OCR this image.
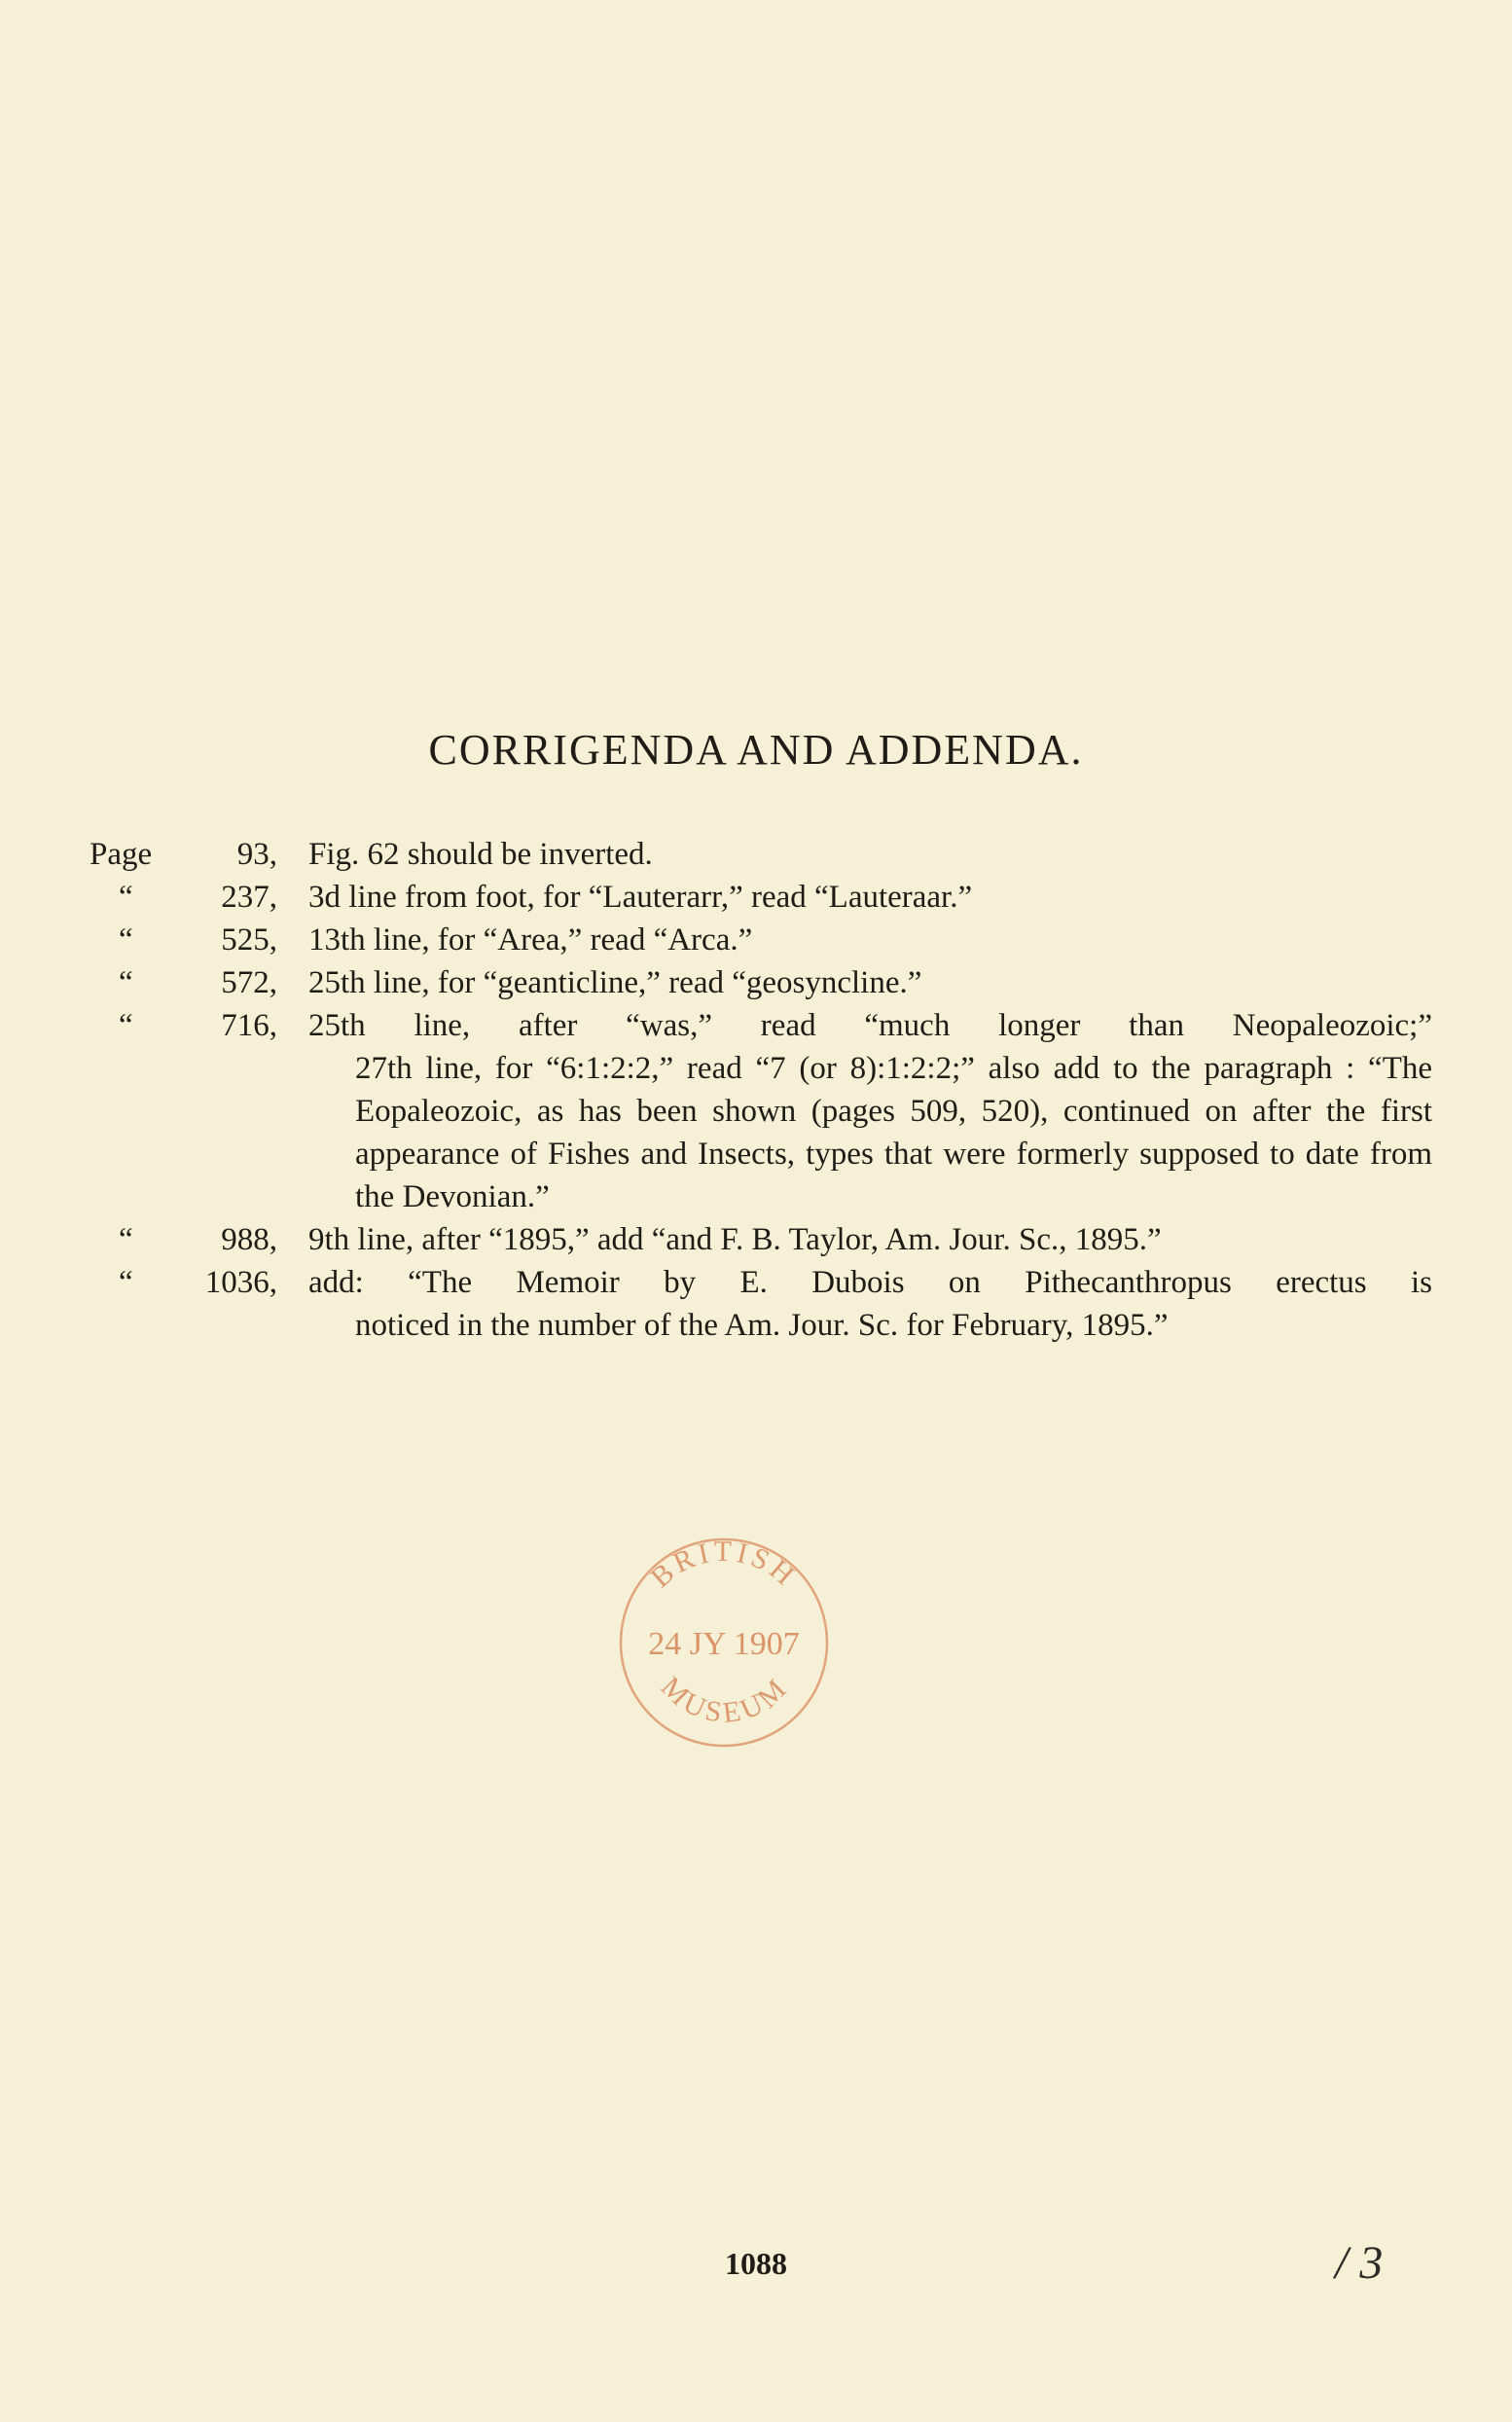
CORRIGENDA AND ADDENDA.
Page	93, Fig. 62 should be inverted.
“	237, 3d line from foot, for “Lauterarr,” read “Lauteraar.”
“	525, 13th line, for “Area,” read “Arca.”
“	572, 25th line, for “geanticline,” read “geosyncline.”
“	716, 25th line, after “was,” read “much longer than Neopaleozoic;”
27th line, for “6:1:2:2,” read “7 (or 8):1:2:2;” also add to the paragraph : “The Eopaleozoic, as has been shown (pages 509, 520), continued on after the first appearance of Fishes and Insects, types that were formerly supposed to date from the Devonian.”
“	988, 9th line, after “1895,” add “and F. B. Taylor, Am. Jour. Sc., 1895.”
“ 1036, add: “The Memoir by E. Dubois on Pithecanthropus erectus is
noticed in the number of the Am. Jour. Sc. for February, 1895.”
BRITISH
24 JY 1907
MUSEUM
1088	/ 3
